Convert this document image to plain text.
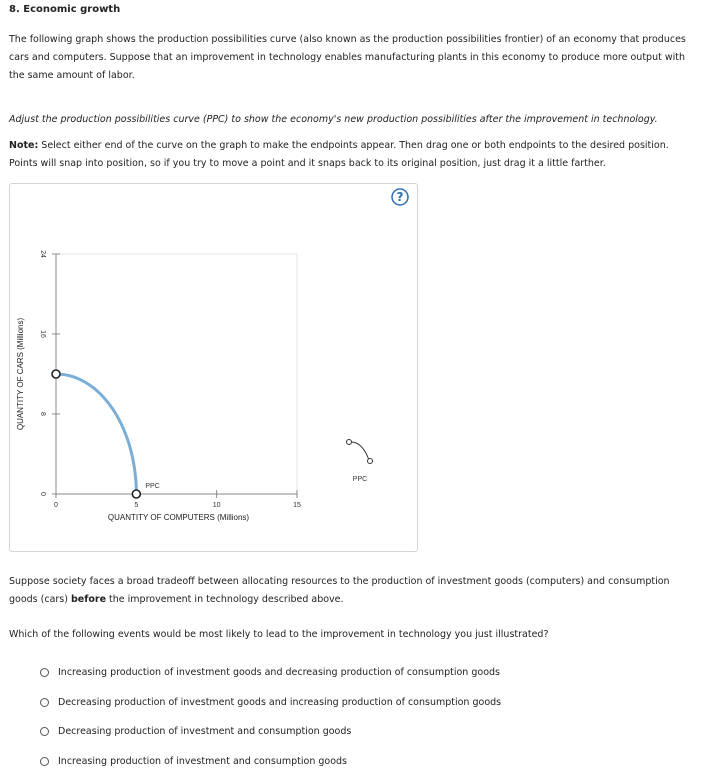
8. Economic growth
The following graph shows the production possibilities curve (also known as the production possibilities frontier) of an economy that produces cars and computers. Suppose that an improvement in technology enables manufacturing plants in this economy to produce more output with the same amount of labor.
Adjust the production possibilities curve (PPC) to show the economy's new production possibilities after the improvement in technology.
Note: Select either end of the curve on the graph to make the endpoints appear. Then drag one or both endpoints to the desired position. Points will snap into position, so if you try to move a point and it snaps back to its original position, just drag it a little farther.
?
0	5	10	15
0
8
16
24
QUANTITY OF COMPUTERS (Millions)
QUANTITY OF CARS (Millions)
PPC
PPC
Suppose society faces a broad tradeoff between allocating resources to the production of investment goods (computers) and consumption goods (cars) before the improvement in technology described above.
Which of the following events would be most likely to lead to the improvement in technology you just illustrated?
Increasing production of investment goods and decreasing production of consumption goods
Decreasing production of investment goods and increasing production of consumption goods
Decreasing production of investment and consumption goods
Increasing production of investment and consumption goods
